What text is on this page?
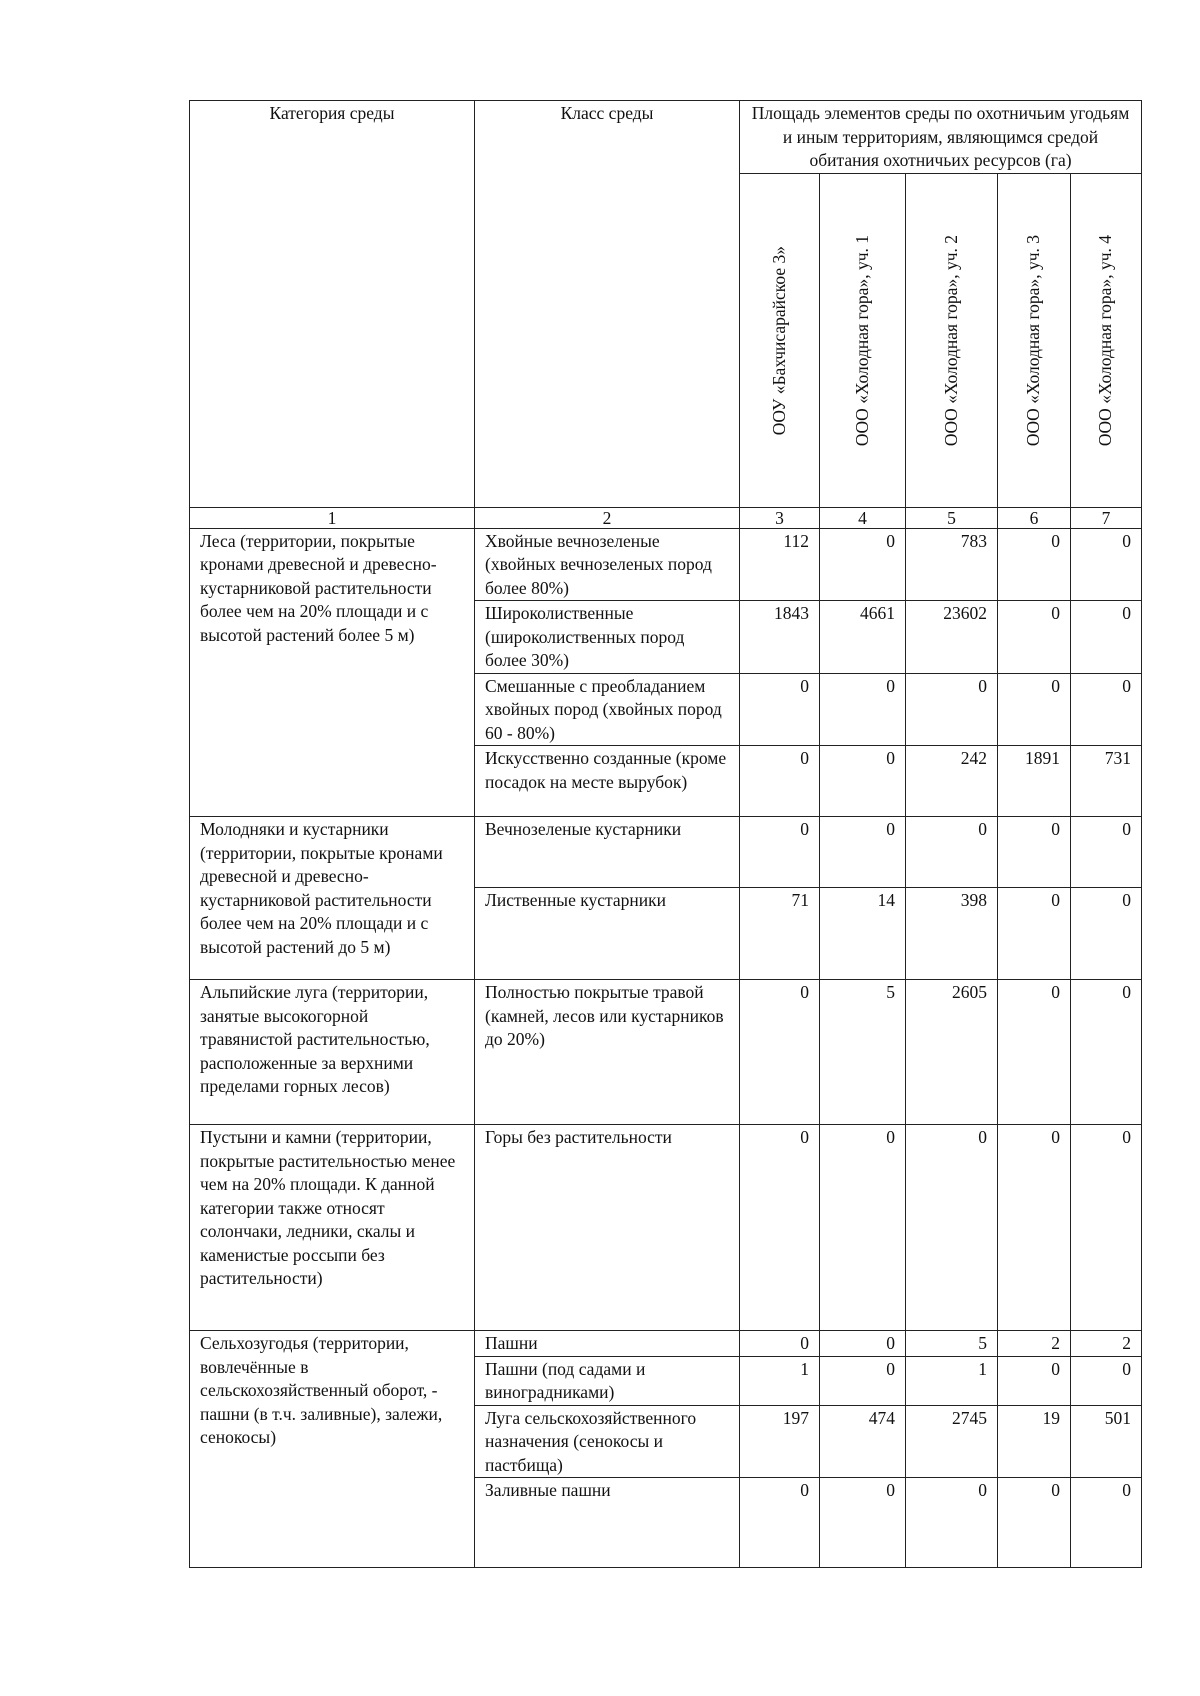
Категория среды	Класс среды	Площадь элементов среды по охотничьим угодьям и иным территориям, являющимся средой обитания охотничьих ресурсов (га)				

		ООУ «Бахчисарайское 3»	ООО «Холодная гора», уч. 1	ООО «Холодная гора», уч. 2	ООО «Холодная гора», уч. 3	ООО «Холодная гора», уч. 4

1	2	3	4	5	6	7
Леса (территории, покрытые кронами древесной и древесно-кустарниковой растительности более чем на 20% площади и с высотой растений более 5 м)	Хвойные вечнозеленые (хвойных вечнозеленых пород более 80%)	112	0	783	0	0
	Широколиственные (широколиственных пород более 30%)	1843	4661	23602	0	0
	Смешанные с преобладанием хвойных пород (хвойных пород 60 - 80%)	0	0	0	0	0
	Искусственно созданные (кроме посадок на месте вырубок)	0	0	242	1891	731
Молодняки и кустарники (территории, покрытые кронами древесной и древесно-кустарниковой растительности более чем на 20% площади и с высотой растений до 5 м)	Вечнозеленые кустарники	0	0	0	0	0
	Лиственные кустарники	71	14	398	0	0
Альпийские луга (территории, занятые высокогорной травянистой растительностью, расположенные за верхними пределами горных лесов)	Полностью покрытые травой (камней, лесов или кустарников до 20%)	0	5	2605	0	0
Пустыни и камни (территории, покрытые растительностью менее чем на 20% площади. К данной категории также относят солончаки, ледники, скалы и каменистые россыпи без растительности)	Горы без растительности	0	0	0	0	0
Сельхозугодья (территории, вовлечённые в сельскохозяйственный оборот, - пашни (в т.ч. заливные), залежи, сенокосы)	Пашни	0	0	5	2	2
	Пашни (под садами и виноградниками)	1	0	1	0	0
	Луга сельскохозяйственного назначения (сенокосы и пастбища)	197	474	2745	19	501
	Заливные пашни	0	0	0	0	0
